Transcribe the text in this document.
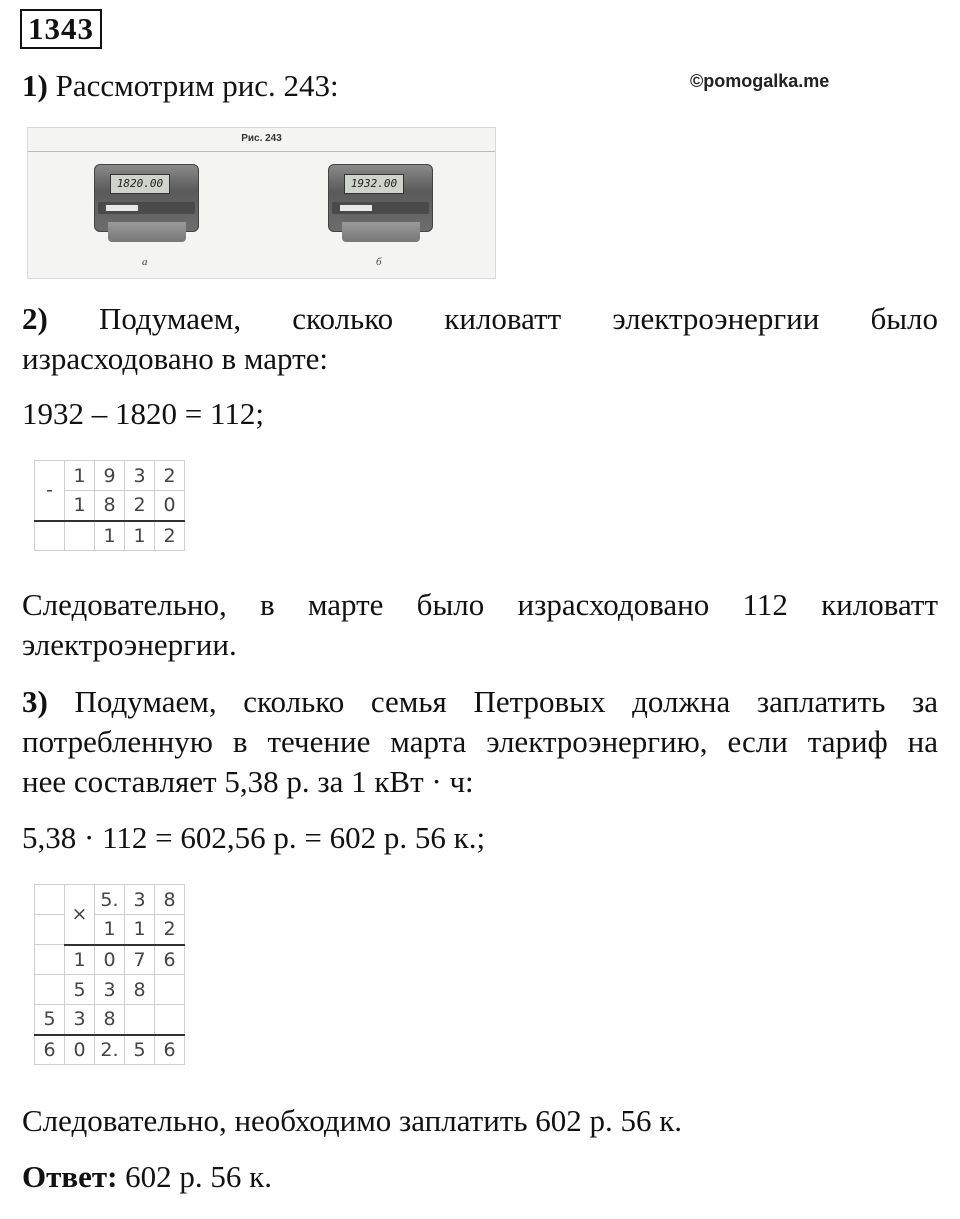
1343
©pomogalka.me

1) Рассмотрим рис. 243:

Рис. 243
1820.00
а
1932.00
б

2) Подумаем, сколько киловатт электроэнергии было

израсходовано в марте:

1932 – 1820 = 112;

-	1	9	3	2
	1	8	2	0
		1	1	2

Следовательно, в марте было израсходовано 112 киловатт

электроэнергии.

3) Подумаем, сколько семья Петровых должна заплатить за

потребленную в течение марта электроэнергию, если тариф на

нее составляет 5,38 р. за 1 кВт · ч:

5,38 · 112 = 602,56 р. = 602 р. 56 к.;

	×	5.	3	8
		1	1	2
	1	0	7	6
	5	3	8	
5	3	8		
6	0	2.	5	6

Следовательно, необходимо заплатить 602 р. 56 к.

Ответ: 602 р. 56 к.
